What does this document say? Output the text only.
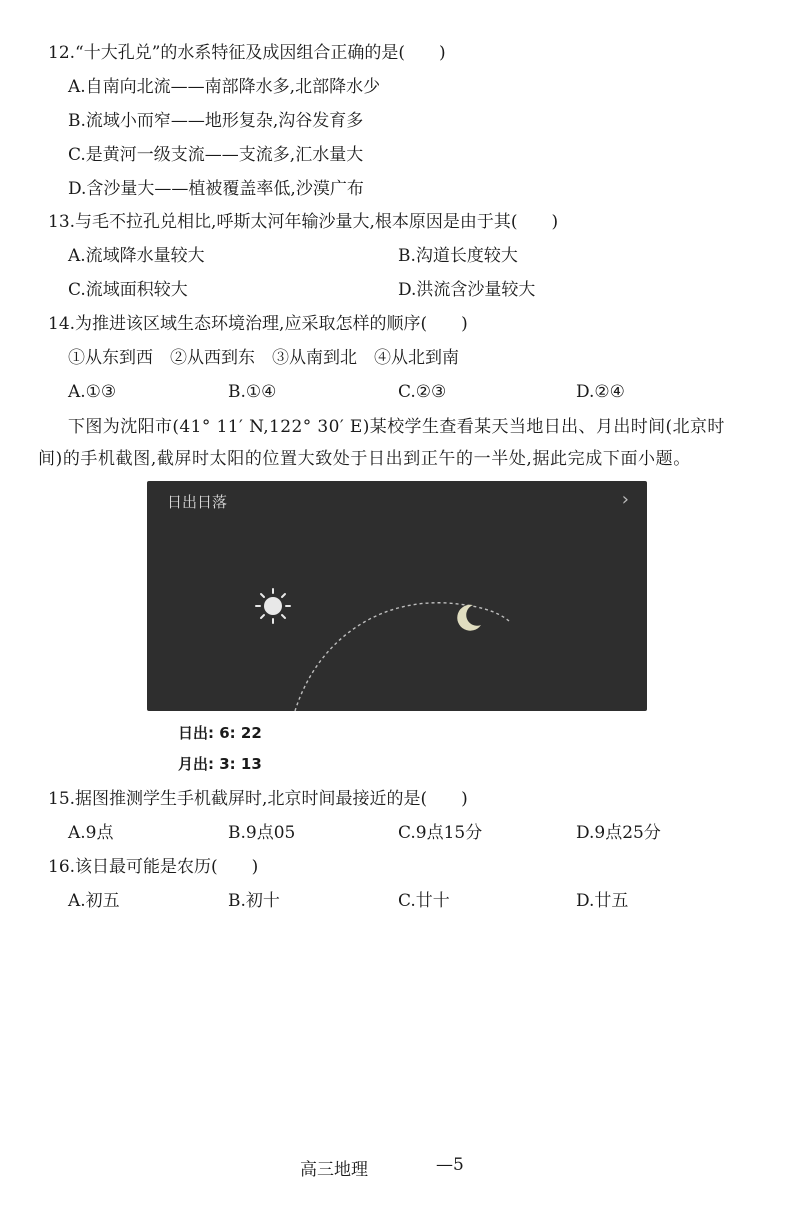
12.“十大孔兑”的水系特征及成因组合正确的是(　　)
A.自南向北流——南部降水多,北部降水少
B.流域小而窄——地形复杂,沟谷发育多
C.是黄河一级支流——支流多,汇水量大
D.含沙量大——植被覆盖率低,沙漠广布
13.与毛不拉孔兑相比,呼斯太河年输沙量大,根本原因是由于其(　　)
A.流域降水量较大	B.沟道长度较大
C.流域面积较大	D.洪流含沙量较大
14.为推进该区域生态环境治理,应采取怎样的顺序(　　)
①从东到西　②从西到东　③从南到北　④从北到南
A.①③	B.①④	C.②③	D.②④
下图为沈阳市(41° 11′ N,122° 30′ E)某校学生查看某天当地日出、月出时间(北京时
间)的手机截图,截屏时太阳的位置大致处于日出到正午的一半处,据此完成下面小题。
日出日落	›
日出: 6: 22
月出: 3: 13
15.据图推测学生手机截屏时,北京时间最接近的是(　　)
A.9点	B.9点05	C.9点15分	D.9点25分
16.该日最可能是农历(　　)
A.初五	B.初十	C.廿十	D.廿五
高三地理	—5
